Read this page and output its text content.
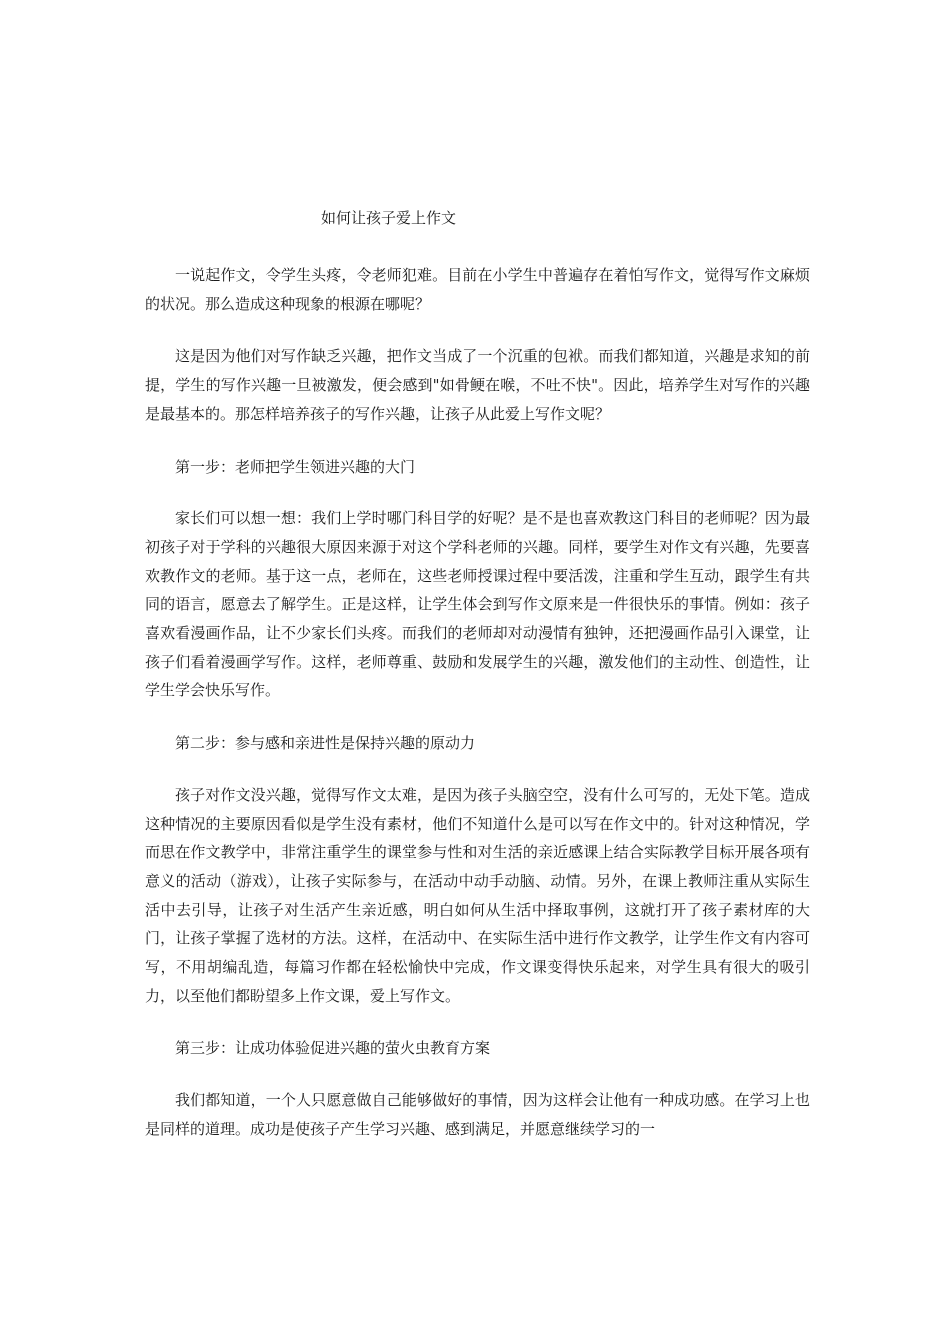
如何让孩子爱上作文

一说起作文，令学生头疼，令老师犯难。目前在小学生中普遍存在着怕写作文，觉得写作文麻烦的状况。那么造成这种现象的根源在哪呢？

这是因为他们对写作缺乏兴趣，把作文当成了一个沉重的包袱。而我们都知道，兴趣是求知的前提，学生的写作兴趣一旦被激发，便会感到"如骨鲠在喉，不吐不快"。因此，培养学生对写作的兴趣是最基本的。那怎样培养孩子的写作兴趣，让孩子从此爱上写作文呢？

第一步：老师把学生领进兴趣的大门

家长们可以想一想：我们上学时哪门科目学的好呢？是不是也喜欢教这门科目的老师呢？因为最初孩子对于学科的兴趣很大原因来源于对这个学科老师的兴趣。同样，要学生对作文有兴趣，先要喜欢教作文的老师。基于这一点，老师在，这些老师授课过程中要活泼，注重和学生互动，跟学生有共同的语言，愿意去了解学生。正是这样，让学生体会到写作文原来是一件很快乐的事情。例如：孩子喜欢看漫画作品，让不少家长们头疼。而我们的老师却对动漫情有独钟，还把漫画作品引入课堂，让孩子们看着漫画学写作。这样，老师尊重、鼓励和发展学生的兴趣，激发他们的主动性、创造性，让学生学会快乐写作。

第二步：参与感和亲进性是保持兴趣的原动力

孩子对作文没兴趣，觉得写作文太难，是因为孩子头脑空空，没有什么可写的，无处下笔。造成这种情况的主要原因看似是学生没有素材，他们不知道什么是可以写在作文中的。针对这种情况，学而思在作文教学中，非常注重学生的课堂参与性和对生活的亲近感课上结合实际教学目标开展各项有意义的活动（游戏），让孩子实际参与，在活动中动手动脑、动情。另外，在课上教师注重从实际生活中去引导，让孩子对生活产生亲近感，明白如何从生活中择取事例，这就打开了孩子素材库的大门，让孩子掌握了选材的方法。这样，在活动中、在实际生活中进行作文教学，让学生作文有内容可写，不用胡编乱造，每篇习作都在轻松愉快中完成，作文课变得快乐起来，对学生具有很大的吸引力，以至他们都盼望多上作文课，爱上写作文。

第三步：让成功体验促进兴趣的萤火虫教育方案

我们都知道，一个人只愿意做自己能够做好的事情，因为这样会让他有一种成功感。在学习上也是同样的道理。成功是使孩子产生学习兴趣、感到满足，并愿意继续学习的一
